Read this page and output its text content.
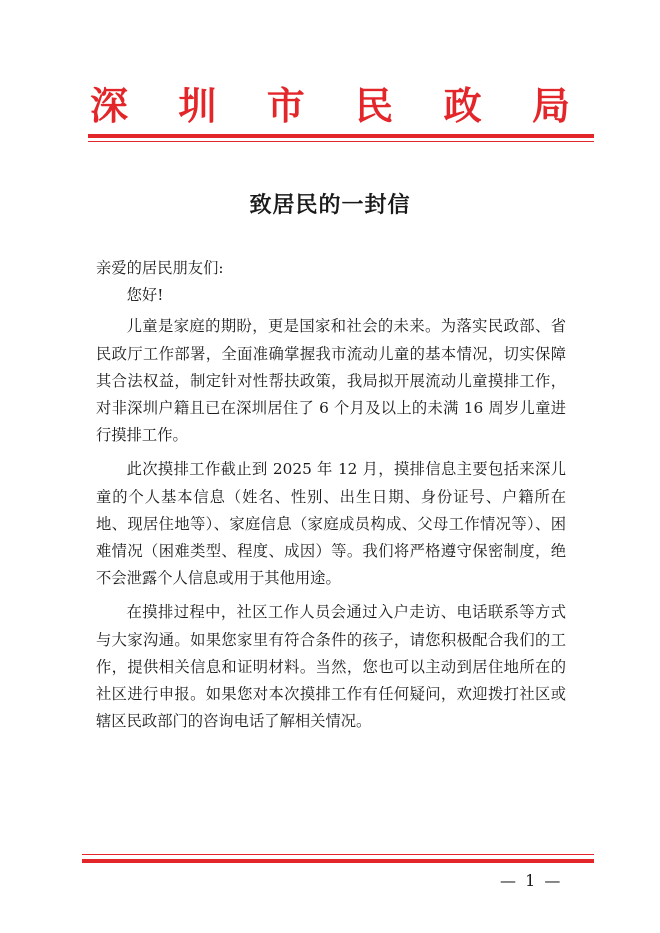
深 圳 市 民 政 局
致居民的一封信

亲爱的居民朋友们:

您好!

儿童是家庭的期盼，更是国家和社会的未来。为落实民政部、省民政厅工作部署，全面准确掌握我市流动儿童的基本情况，切实保障其合法权益，制定针对性帮扶政策，我局拟开展流动儿童摸排工作，对非深圳户籍且已在深圳居住了 6 个月及以上的未满 16 周岁儿童进行摸排工作。

此次摸排工作截止到 2025 年 12 月，摸排信息主要包括来深儿童的个人基本信息（姓名、性别、出生日期、身份证号、户籍所在地、现居住地等）、家庭信息（家庭成员构成、父母工作情况等）、困难情况（困难类型、程度、成因）等。我们将严格遵守保密制度，绝不会泄露个人信息或用于其他用途。

在摸排过程中，社区工作人员会通过入户走访、电话联系等方式与大家沟通。如果您家里有符合条件的孩子，请您积极配合我们的工作，提供相关信息和证明材料。当然，您也可以主动到居住地所在的社区进行申报。如果您对本次摸排工作有任何疑问，欢迎拨打社区或辖区民政部门的咨询电话了解相关情况。

— 1 —
